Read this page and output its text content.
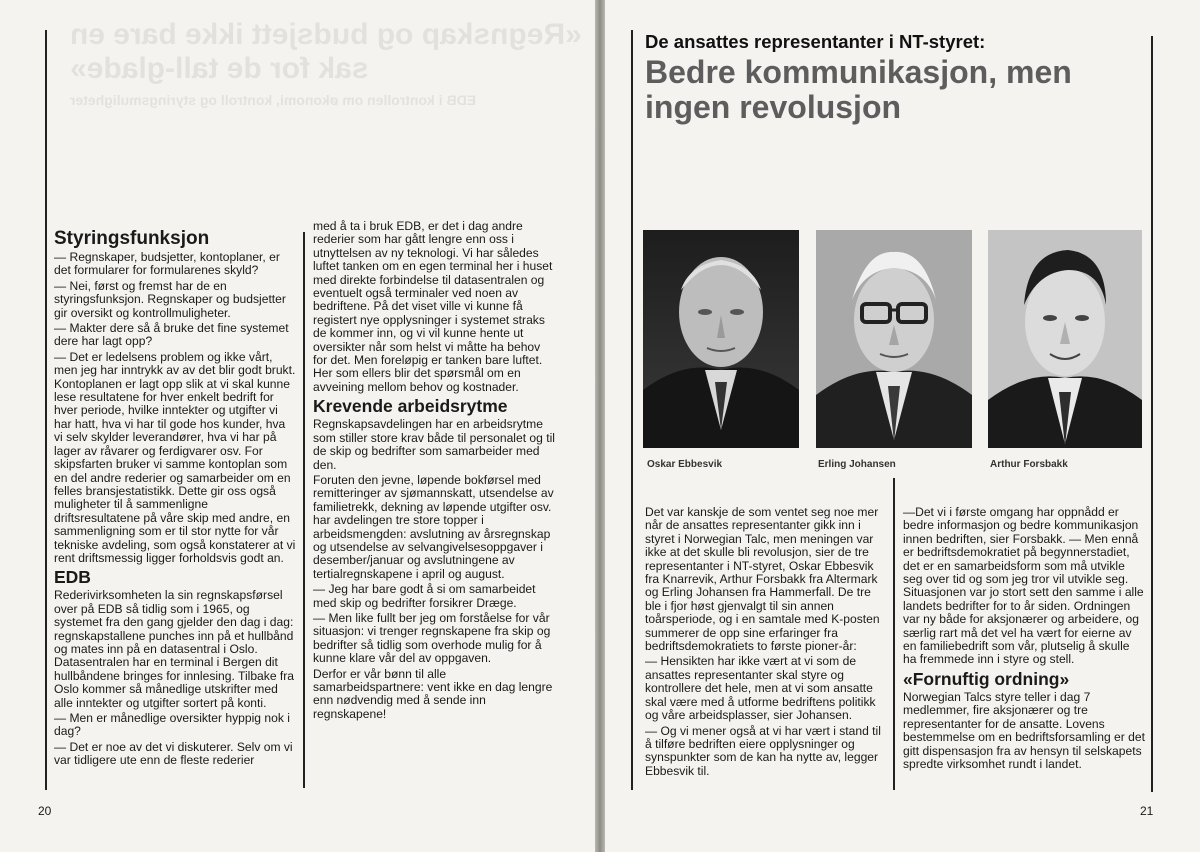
«Regnskap og budsjett ikke bare en sak for de tall-glade»
EDB i kontrollen om økonomi, kontroll og styringsmuligheter
Styringsfunksjon

— Regnskaper, budsjetter, kontoplaner, er det formularer for formularenes skyld?

— Nei, først og fremst har de en styringsfunksjon. Regnskaper og budsjetter gir oversikt og kontrollmuligheter.

— Makter dere så å bruke det fine systemet dere har lagt opp?

— Det er ledelsens problem og ikke vårt, men jeg har inntrykk av av det blir godt brukt. Kontoplanen er lagt opp slik at vi skal kunne lese resultatene for hver enkelt bedrift for hver periode, hvilke inntekter og utgifter vi har hatt, hva vi har til gode hos kunder, hva vi selv skylder leverandører, hva vi har på lager av råvarer og ferdigvarer osv. For skipsfarten bruker vi samme kontoplan som en del andre rederier og samarbeider om en felles bransjestatistikk. Dette gir oss også muligheter til å sammenligne driftsresultatene på våre skip med andre, en sammenligning som er til stor nytte for vår tekniske avdeling, som også konstaterer at vi rent driftsmessig ligger forholdsvis godt an.

EDB

Rederivirksomheten la sin regnskapsførsel over på EDB så tidlig som i 1965, og systemet fra den gang gjelder den dag i dag: regnskapstallene punches inn på et hullbånd og mates inn på en datasentral i Oslo. Datasentralen har en terminal i Bergen dit hullbåndene bringes for innlesing. Tilbake fra Oslo kommer så månedlige utskrifter med alle inntekter og utgifter sortert på konti.

— Men er månedlige oversikter hyppig nok i dag?

— Det er noe av det vi diskuterer. Selv om vi var tidligere ute enn de fleste rederier

med å ta i bruk EDB, er det i dag andre rederier som har gått lengre enn oss i utnyttelsen av ny teknologi. Vi har således luftet tanken om en egen terminal her i huset med direkte forbindelse til datasentralen og eventuelt også terminaler ved noen av bedriftene. På det viset ville vi kunne få registert nye opplysninger i systemet straks de kommer inn, og vi vil kunne hente ut oversikter når som helst vi måtte ha behov for det. Men foreløpig er tanken bare luftet. Her som ellers blir det spørsmål om en avveining mellom behov og kostnader.

Krevende arbeidsrytme

Regnskapsavdelingen har en arbeidsrytme som stiller store krav både til personalet og til de skip og bedrifter som samarbeider med den.

Foruten den jevne, løpende bokførsel med remitteringer av sjømannskatt, utsendelse av familietrekk, dekning av løpende utgifter osv. har avdelingen tre store topper i arbeidsmengden: avslutning av årsregnskap og utsendelse av selvangivelsesoppgaver i desember/januar og avslutningene av tertialregnskapene i april og august.

— Jeg har bare godt å si om samarbeidet med skip og bedrifter forsikrer Dræge.

— Men like fullt ber jeg om forståelse for vår situasjon: vi trenger regnskapene fra skip og bedrifter så tidlig som overhode mulig for å kunne klare vår del av oppgaven.

Derfor er vår bønn til alle samarbeidspartnere: vent ikke en dag lengre enn nødvendig med å sende inn regnskapene!

20
De ansattes representanter i NT-styret:
Bedre kommunikasjon, men ingen revolusjon
Oskar Ebbesvik	Erling Johansen	Arthur Forsbakk

Det var kanskje de som ventet seg noe mer når de ansattes representanter gikk inn i styret i Norwegian Talc, men meningen var ikke at det skulle bli revolusjon, sier de tre representanter i NT-styret, Oskar Ebbesvik fra Knarrevik, Arthur Forsbakk fra Altermark og Erling Johansen fra Hammerfall. De tre ble i fjor høst gjenvalgt til sin annen toårsperiode, og i en samtale med K-posten summerer de opp sine erfaringer fra bedriftsdemokratiets to første pioner-år:

— Hensikten har ikke vært at vi som de ansattes representanter skal styre og kontrollere det hele, men at vi som ansatte skal være med å utforme bedriftens politikk og våre arbeidsplasser, sier Johansen.

— Og vi mener også at vi har vært i stand til å tilføre bedriften eiere opplysninger og synspunkter som de kan ha nytte av, legger Ebbesvik til.

—Det vi i første omgang har oppnådd er bedre informasjon og bedre kommunikasjon innen bedriften, sier Forsbakk. — Men ennå er bedriftsdemokratiet på begynnerstadiet, det er en samarbeidsform som må utvikle seg over tid og som jeg tror vil utvikle seg. Situasjonen var jo stort sett den samme i alle landets bedrifter for to år siden. Ordningen var ny både for aksjonærer og arbeidere, og særlig rart må det vel ha vært for eierne av en familiebedrift som vår, plutselig å skulle ha fremmede inn i styre og stell.

«Fornuftig ordning»

Norwegian Talcs styre teller i dag 7 medlemmer, fire aksjonærer og tre representanter for de ansatte. Lovens bestemmelse om en bedriftsforsamling er det gitt dispensasjon fra av hensyn til selskapets spredte virksomhet rundt i landet.

21
